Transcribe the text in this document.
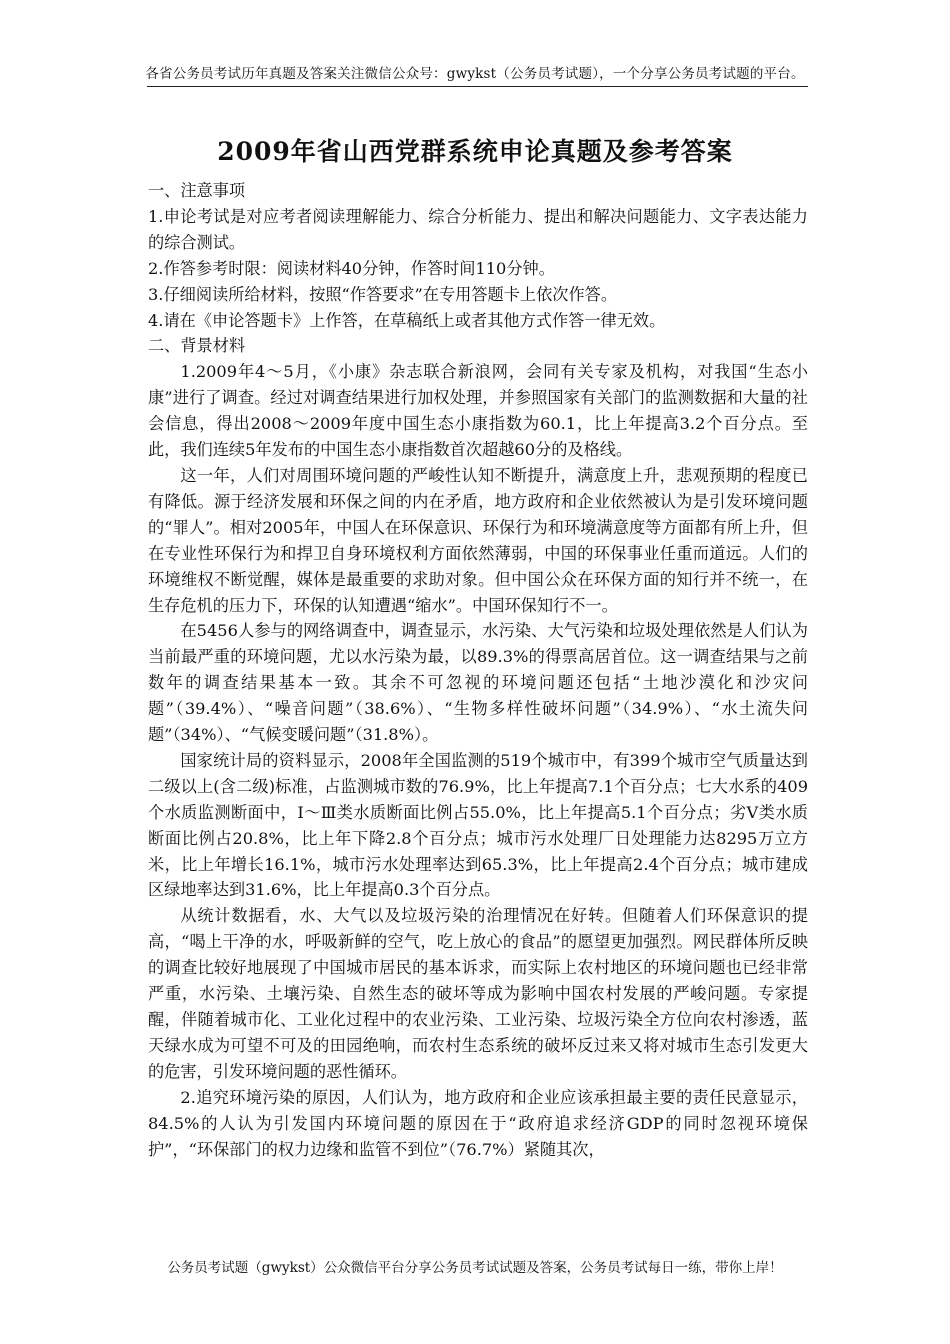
各省公务员考试历年真题及答案关注微信公众号：gwykst（公务员考试题），一个分享公务员考试题的平台。
2009年省山西党群系统申论真题及参考答案

一、注意事项

1.申论考试是对应考者阅读理解能力、综合分析能力、提出和解决问题能力、文字表达能力的综合测试。

2.作答参考时限：阅读材料40分钟，作答时间110分钟。

3.仔细阅读所给材料，按照“作答要求”在专用答题卡上依次作答。

4.请在《申论答题卡》上作答，在草稿纸上或者其他方式作答一律无效。

二、背景材料

1.2009年4～5月，《小康》杂志联合新浪网，会同有关专家及机构，对我国“生态小康”进行了调查。经过对调查结果进行加权处理，并参照国家有关部门的监测数据和大量的社会信息，得出2008～2009年度中国生态小康指数为60.1，比上年提高3.2个百分点。至此，我们连续5年发布的中国生态小康指数首次超越60分的及格线。

这一年，人们对周围环境问题的严峻性认知不断提升，满意度上升，悲观预期的程度已有降低。源于经济发展和环保之间的内在矛盾，地方政府和企业依然被认为是引发环境问题的“罪人”。相对2005年，中国人在环保意识、环保行为和环境满意度等方面都有所上升，但在专业性环保行为和捍卫自身环境权利方面依然薄弱，中国的环保事业任重而道远。人们的环境维权不断觉醒，媒体是最重要的求助对象。但中国公众在环保方面的知行并不统一，在生存危机的压力下，环保的认知遭遇“缩水”。中国环保知行不一。

在5456人参与的网络调查中，调查显示，水污染、大气污染和垃圾处理依然是人们认为当前最严重的环境问题，尤以水污染为最，以89.3%的得票高居首位。这一调查结果与之前数年的调查结果基本一致。其余不可忽视的环境问题还包括“土地沙漠化和沙灾问题”（39.4%）、“噪音问题”（38.6%）、“生物多样性破坏问题”（34.9%）、“水土流失问题”（34%）、“气候变暖问题”（31.8%）。

国家统计局的资料显示，2008年全国监测的519个城市中，有399个城市空气质量达到二级以上(含二级)标准，占监测城市数的76.9%，比上年提高7.1个百分点；七大水系的409个水质监测断面中，Ⅰ～Ⅲ类水质断面比例占55.0%，比上年提高5.1个百分点；劣Ⅴ类水质断面比例占20.8%，比上年下降2.8个百分点；城市污水处理厂日处理能力达8295万立方米，比上年增长16.1%，城市污水处理率达到65.3%，比上年提高2.4个百分点；城市建成区绿地率达到31.6%，比上年提高0.3个百分点。

从统计数据看，水、大气以及垃圾污染的治理情况在好转。但随着人们环保意识的提高，“喝上干净的水，呼吸新鲜的空气，吃上放心的食品”的愿望更加强烈。网民群体所反映的调查比较好地展现了中国城市居民的基本诉求，而实际上农村地区的环境问题也已经非常严重，水污染、土壤污染、自然生态的破坏等成为影响中国农村发展的严峻问题。专家提醒，伴随着城市化、工业化过程中的农业污染、工业污染、垃圾污染全方位向农村渗透，蓝天绿水成为可望不可及的田园绝响，而农村生态系统的破坏反过来又将对城市生态引发更大的危害，引发环境问题的恶性循环。

2.追究环境污染的原因，人们认为，地方政府和企业应该承担最主要的责任民意显示，84.5%的人认为引发国内环境问题的原因在于“政府追求经济GDP的同时忽视环境保护”，“环保部门的权力边缘和监管不到位”（76.7%）紧随其次，

公务员考试题（gwykst）公众微信平台分享公务员考试试题及答案，公务员考试每日一练，带你上岸！
